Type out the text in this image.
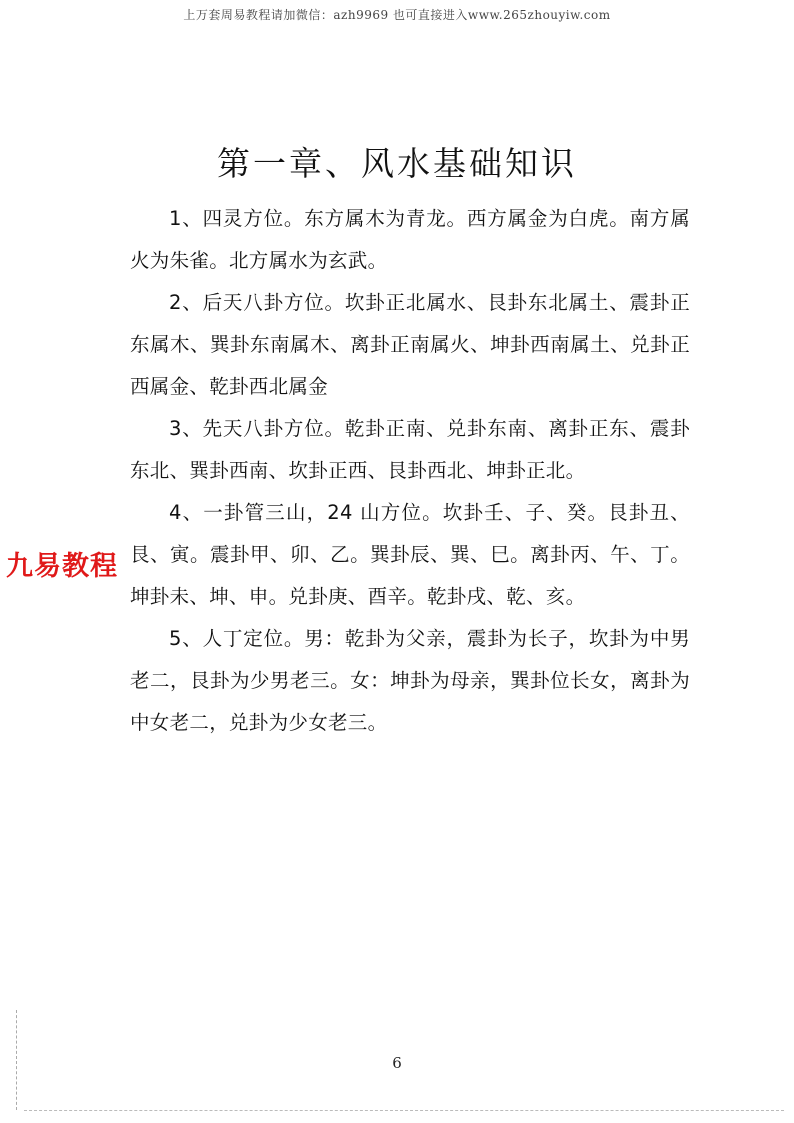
上万套周易教程请加微信：azh9969 也可直接进入www.265zhouyiw.com
第一章、风水基础知识

1、四灵方位。东方属木为青龙。西方属金为白虎。南方属火为朱雀。北方属水为玄武。

2、后天八卦方位。坎卦正北属水、艮卦东北属土、震卦正东属木、巽卦东南属木、离卦正南属火、坤卦西南属土、兑卦正西属金、乾卦西北属金

3、先天八卦方位。乾卦正南、兑卦东南、离卦正东、震卦东北、巽卦西南、坎卦正西、艮卦西北、坤卦正北。

4、一卦管三山，24 山方位。坎卦壬、子、癸。艮卦丑、艮、寅。震卦甲、卯、乙。巽卦辰、巽、巳。离卦丙、午、丁。坤卦未、坤、申。兑卦庚、酉辛。乾卦戌、乾、亥。

5、人丁定位。男：乾卦为父亲，震卦为长子，坎卦为中男老二，艮卦为少男老三。女：坤卦为母亲，巽卦位长女，离卦为中女老二，兑卦为少女老三。

九易教程
6
